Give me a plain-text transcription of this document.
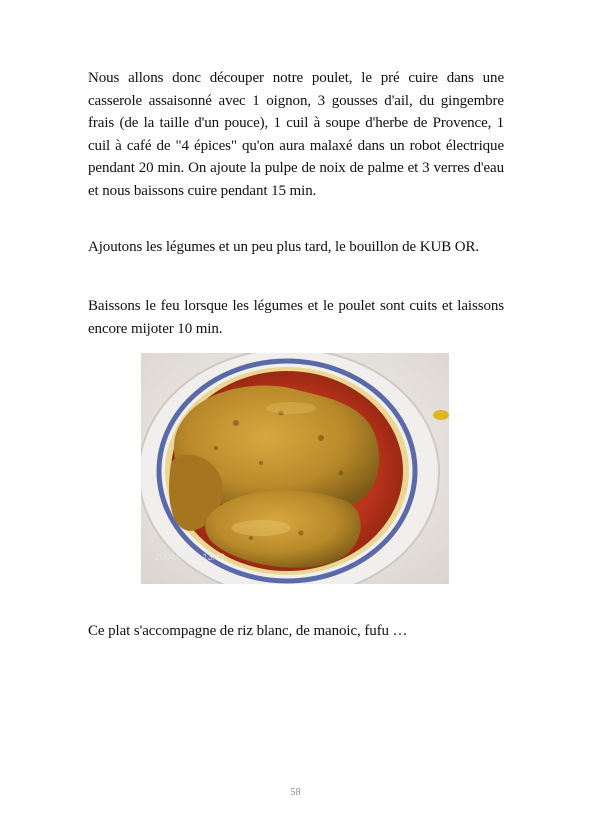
Nous allons donc découper notre poulet, le pré cuire dans une casserole assaisonné avec 1 oignon, 3 gousses d'ail, du gingembre frais (de la taille d'un pouce), 1 cuil à soupe d'herbe de Provence, 1 cuil à café de "4 épices" qu'on aura malaxé dans un robot électrique pendant 20 min. On ajoute la pulpe de noix de palme et 3 verres d'eau et nous baissons cuire pendant 15 min.

Ajoutons les légumes et un peu plus tard, le bouillon de KUB OR.

Baissons le feu lorsque les légumes et le poulet sont cuits et laissons encore mijoter 10 min.

2004/02/08 13:49

Ce plat s'accompagne de riz blanc, de manoic, fufu …

58
